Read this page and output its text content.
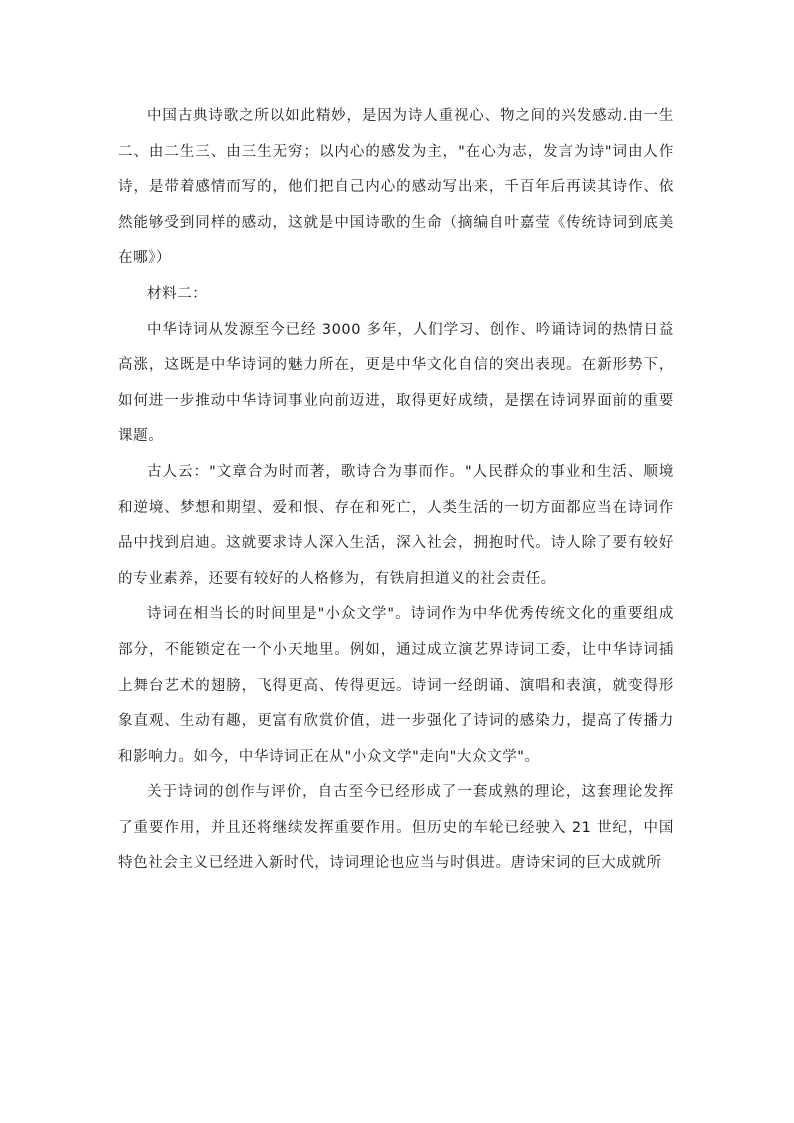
中国古典诗歌之所以如此精妙，是因为诗人重视心、物之间的兴发感动.由一生二、由二生三、由三生无穷；以内心的感发为主，"在心为志，发言为诗"词由人作诗，是带着感情而写的，他们把自己内心的感动写出来，千百年后再读其诗作、依然能够受到同样的感动，这就是中国诗歌的生命（摘编自叶嘉莹《传统诗词到底美在哪》）

材料二：

中华诗词从发源至今已经 3000 多年，人们学习、创作、吟诵诗词的热情日益高涨，这既是中华诗词的魅力所在，更是中华文化自信的突出表现。在新形势下，如何进一步推动中华诗词事业向前迈进，取得更好成绩，是摆在诗词界面前的重要课题。

古人云："文章合为时而著，歌诗合为事而作。"人民群众的事业和生活、顺境和逆境、梦想和期望、爱和恨、存在和死亡，人类生活的一切方面都应当在诗词作品中找到启迪。这就要求诗人深入生活，深入社会，拥抱时代。诗人除了要有较好的专业素养，还要有较好的人格修为，有铁肩担道义的社会责任。

诗词在相当长的时间里是"小众文学"。诗词作为中华优秀传统文化的重要组成部分，不能锁定在一个小天地里。例如，通过成立演艺界诗词工委，让中华诗词插上舞台艺术的翅膀，飞得更高、传得更远。诗词一经朗诵、演唱和表演，就变得形象直观、生动有趣，更富有欣赏价值，进一步强化了诗词的感染力，提高了传播力和影响力。如今，中华诗词正在从"小众文学"走向"大众文学"。

关于诗词的创作与评价，自古至今已经形成了一套成熟的理论，这套理论发挥了重要作用，并且还将继续发挥重要作用。但历史的车轮已经驶入 21 世纪，中国特色社会主义已经进入新时代，诗词理论也应当与时俱进。唐诗宋词的巨大成就所
